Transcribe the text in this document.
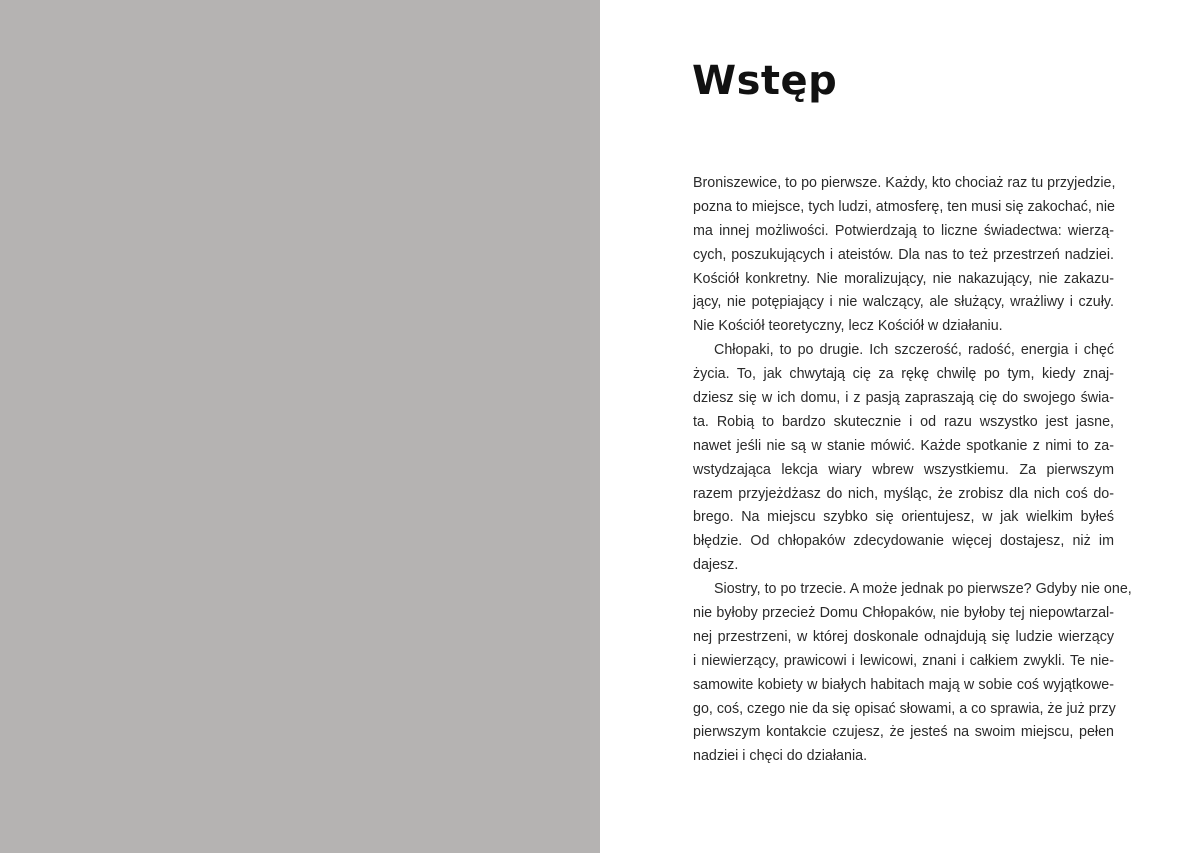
Wstęp
Broniszewice, to po pierwsze. Każdy, kto chociaż raz tu przyjedzie,
pozna to miejsce, tych ludzi, atmosferę, ten musi się zakochać, nie
ma innej możliwości. Potwierdzają to liczne świadectwa: wierzą-
cych, poszukujących i ateistów. Dla nas to też przestrzeń nadziei.
Kościół konkretny. Nie moralizujący, nie nakazujący, nie zakazu-
jący, nie potępiający i nie walczący, ale służący, wrażliwy i czuły.
Nie Kościół teoretyczny, lecz Kościół w działaniu.
Chłopaki, to po drugie. Ich szczerość, radość, energia i chęć
życia. To, jak chwytają cię za rękę chwilę po tym, kiedy znaj-
dziesz się w ich domu, i z pasją zapraszają cię do swojego świa-
ta. Robią to bardzo skutecznie i od razu wszystko jest jasne,
nawet jeśli nie są w stanie mówić. Każde spotkanie z nimi to za-
wstydzająca lekcja wiary wbrew wszystkiemu. Za pierwszym
razem przyjeżdżasz do nich, myśląc, że zrobisz dla nich coś do-
brego. Na miejscu szybko się orientujesz, w jak wielkim byłeś
błędzie. Od chłopaków zdecydowanie więcej dostajesz, niż im
dajesz.
Siostry, to po trzecie. A może jednak po pierwsze? Gdyby nie one,
nie byłoby przecież Domu Chłopaków, nie byłoby tej niepowtarzal-
nej przestrzeni, w której doskonale odnajdują się ludzie wierzący
i niewierzący, prawicowi i lewicowi, znani i całkiem zwykli. Te nie-
samowite kobiety w białych habitach mają w sobie coś wyjątkowe-
go, coś, czego nie da się opisać słowami, a co sprawia, że już przy
pierwszym kontakcie czujesz, że jesteś na swoim miejscu, pełen
nadziei i chęci do działania.
